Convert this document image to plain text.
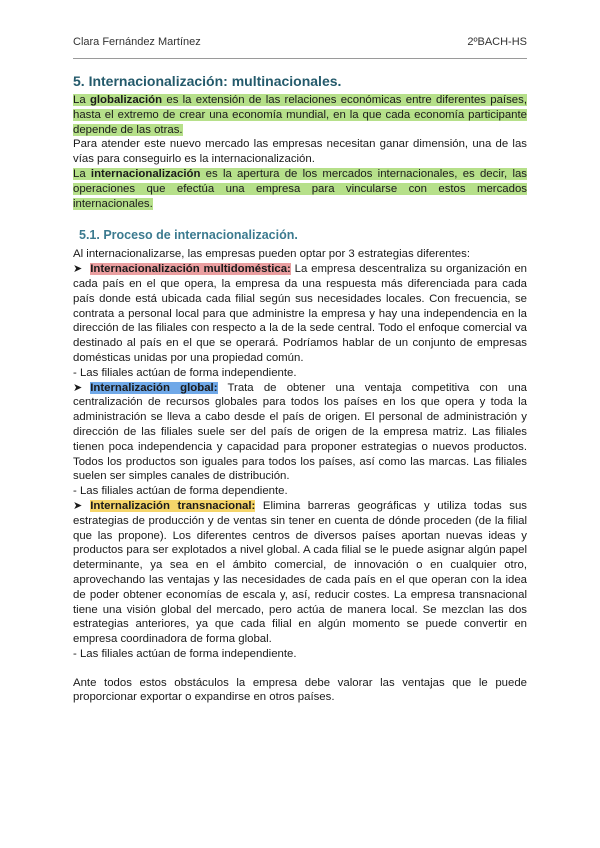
Clara Fernández Martínez	2ºBACH-HS
5. Internacionalización: multinacionales.

La globalización es la extensión de las relaciones económicas entre diferentes países, hasta el extremo de crear una economía mundial, en la que cada economía participante depende de las otras.

Para atender este nuevo mercado las empresas necesitan ganar dimensión, una de las vías para conseguirlo es la internacionalización.

La internacionalización es la apertura de los mercados internacionales, es decir, las operaciones que efectúa una empresa para vincularse con estos mercados internacionales.

5.1. Proceso de internacionalización.

Al internacionalizarse, las empresas pueden optar por 3 estrategias diferentes:

➤ Internacionalización multidoméstica: La empresa descentraliza su organización en cada país en el que opera, la empresa da una respuesta más diferenciada para cada país donde está ubicada cada filial según sus necesidades locales. Con frecuencia, se contrata a personal local para que administre la empresa y hay una independencia en la dirección de las filiales con respecto a la de la sede central. Todo el enfoque comercial va destinado al país en el que se operará. Podríamos hablar de un conjunto de empresas domésticas unidas por una propiedad común.

- Las filiales actúan de forma independiente.

➤ Internalización global: Trata de obtener una ventaja competitiva con una centralización de recursos globales para todos los países en los que opera y toda la administración se lleva a cabo desde el país de origen. El personal de administración y dirección de las filiales suele ser del país de origen de la empresa matriz. Las filiales tienen poca independencia y capacidad para proponer estrategias o nuevos productos. Todos los productos son iguales para todos los países, así como las marcas. Las filiales suelen ser simples canales de distribución.

- Las filiales actúan de forma dependiente.

➤ Internalización transnacional: Elimina barreras geográficas y utiliza todas sus estrategias de producción y de ventas sin tener en cuenta de dónde proceden (de la filial que las propone). Los diferentes centros de diversos países aportan nuevas ideas y productos para ser explotados a nivel global. A cada filial se le puede asignar algún papel determinante, ya sea en el ámbito comercial, de innovación o en cualquier otro, aprovechando las ventajas y las necesidades de cada país en el que operan con la idea de poder obtener economías de escala y, así, reducir costes. La empresa transnacional tiene una visión global del mercado, pero actúa de manera local. Se mezclan las dos estrategias anteriores, ya que cada filial en algún momento se puede convertir en empresa coordinadora de forma global.

- Las filiales actúan de forma independiente.

Ante todos estos obstáculos la empresa debe valorar las ventajas que le puede proporcionar exportar o expandirse en otros países.
